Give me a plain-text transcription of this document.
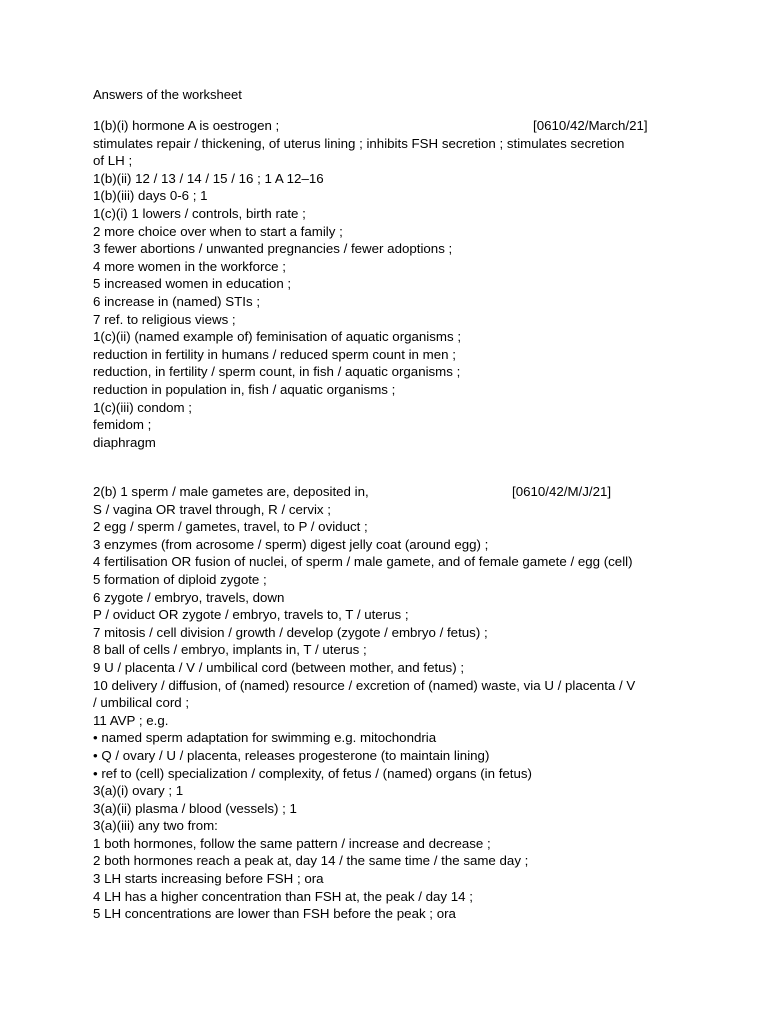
Answers of the worksheet
1(b)(i) hormone A is oestrogen ;	[0610/42/March/21]
stimulates repair / thickening, of uterus lining ; inhibits FSH secretion ; stimulates secretion
of LH ;
1(b)(ii) 12 / 13 / 14 / 15 / 16 ; 1 A 12–16
1(b)(iii) days 0-6 ; 1
1(c)(i) 1 lowers / controls, birth rate ;
2 more choice over when to start a family ;
3 fewer abortions / unwanted pregnancies / fewer adoptions ;
4 more women in the workforce ;
5 increased women in education ;
6 increase in (named) STIs ;
7 ref. to religious views ;
1(c)(ii) (named example of) feminisation of aquatic organisms ;
reduction in fertility in humans / reduced sperm count in men ;
reduction, in fertility / sperm count, in fish / aquatic organisms ;
reduction in population in, fish / aquatic organisms ;
1(c)(iii) condom ;
femidom ;
diaphragm
2(b) 1 sperm / male gametes are, deposited in,	[0610/42/M/J/21]
S / vagina OR travel through, R / cervix ;
2 egg / sperm / gametes, travel, to P / oviduct ;
3 enzymes (from acrosome / sperm) digest jelly coat (around egg) ;
4 fertilisation OR fusion of nuclei, of sperm / male gamete, and of female gamete / egg (cell)
5 formation of diploid zygote ;
6 zygote / embryo, travels, down
P / oviduct OR zygote / embryo, travels to, T / uterus ;
7 mitosis / cell division / growth / develop (zygote / embryo / fetus) ;
8 ball of cells / embryo, implants in, T / uterus ;
9 U / placenta / V / umbilical cord (between mother, and fetus) ;
10 delivery / diffusion, of (named) resource / excretion of (named) waste, via U / placenta / V
/ umbilical cord ;
11 AVP ; e.g.
• named sperm adaptation for swimming e.g. mitochondria
• Q / ovary / U / placenta, releases progesterone (to maintain lining)
• ref to (cell) specialization / complexity, of fetus / (named) organs (in fetus)
3(a)(i) ovary ; 1
3(a)(ii) plasma / blood (vessels) ; 1
3(a)(iii) any two from:
1 both hormones, follow the same pattern / increase and decrease ;
2 both hormones reach a peak at, day 14 / the same time / the same day ;
3 LH starts increasing before FSH ; ora
4 LH has a higher concentration than FSH at, the peak / day 14 ;
5 LH concentrations are lower than FSH before the peak ; ora
